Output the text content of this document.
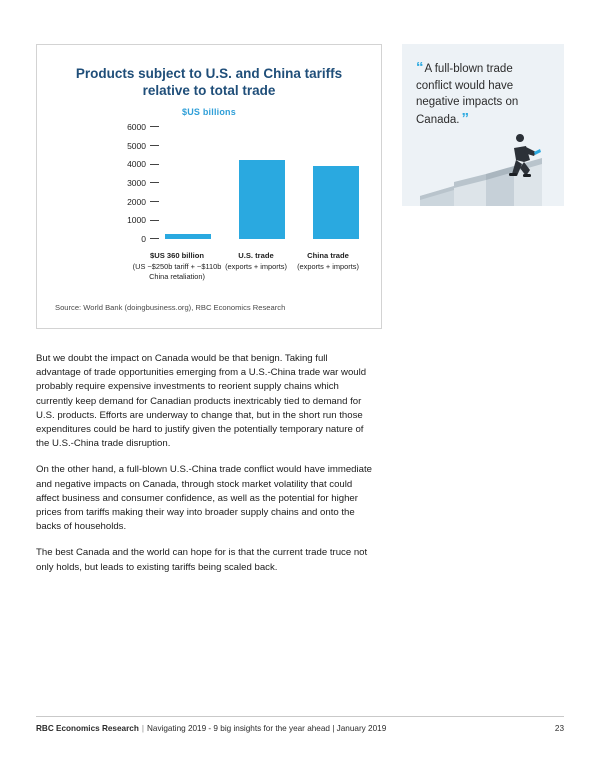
Products subject to U.S. and China tariffs relative to total trade
$US billions
0
1000
2000
3000
4000
5000
6000
$US 360 billion
(US ~$250b tariff + ~$110b China retaliation)
U.S. trade
(exports + imports)
China trade
(exports + imports)
Source: World Bank (doingbusiness.org), RBC Economics Research
“ A full-blown trade conflict would have negative impacts on Canada. ”

But we doubt the impact on Canada would be that benign. Taking full advantage of trade opportunities emerging from a U.S.-China trade war would probably require expensive investments to reorient supply chains which currently keep demand for Canadian products inextricably tied to demand for U.S. products. Efforts are underway to change that, but in the short run those expenditures could be hard to justify given the potentially temporary nature of the U.S.-China trade disruption.

On the other hand, a full-blown U.S.-China trade conflict would have immediate and negative impacts on Canada, through stock market volatility that could affect business and consumer confidence, as well as the potential for higher prices from tariffs making their way into broader supply chains and onto the backs of households.

The best Canada and the world can hope for is that the current trade truce not only holds, but leads to existing tariffs being scaled back.

RBC Economics Research | Navigating 2019 - 9 big insights for the year ahead | January 2019	23
